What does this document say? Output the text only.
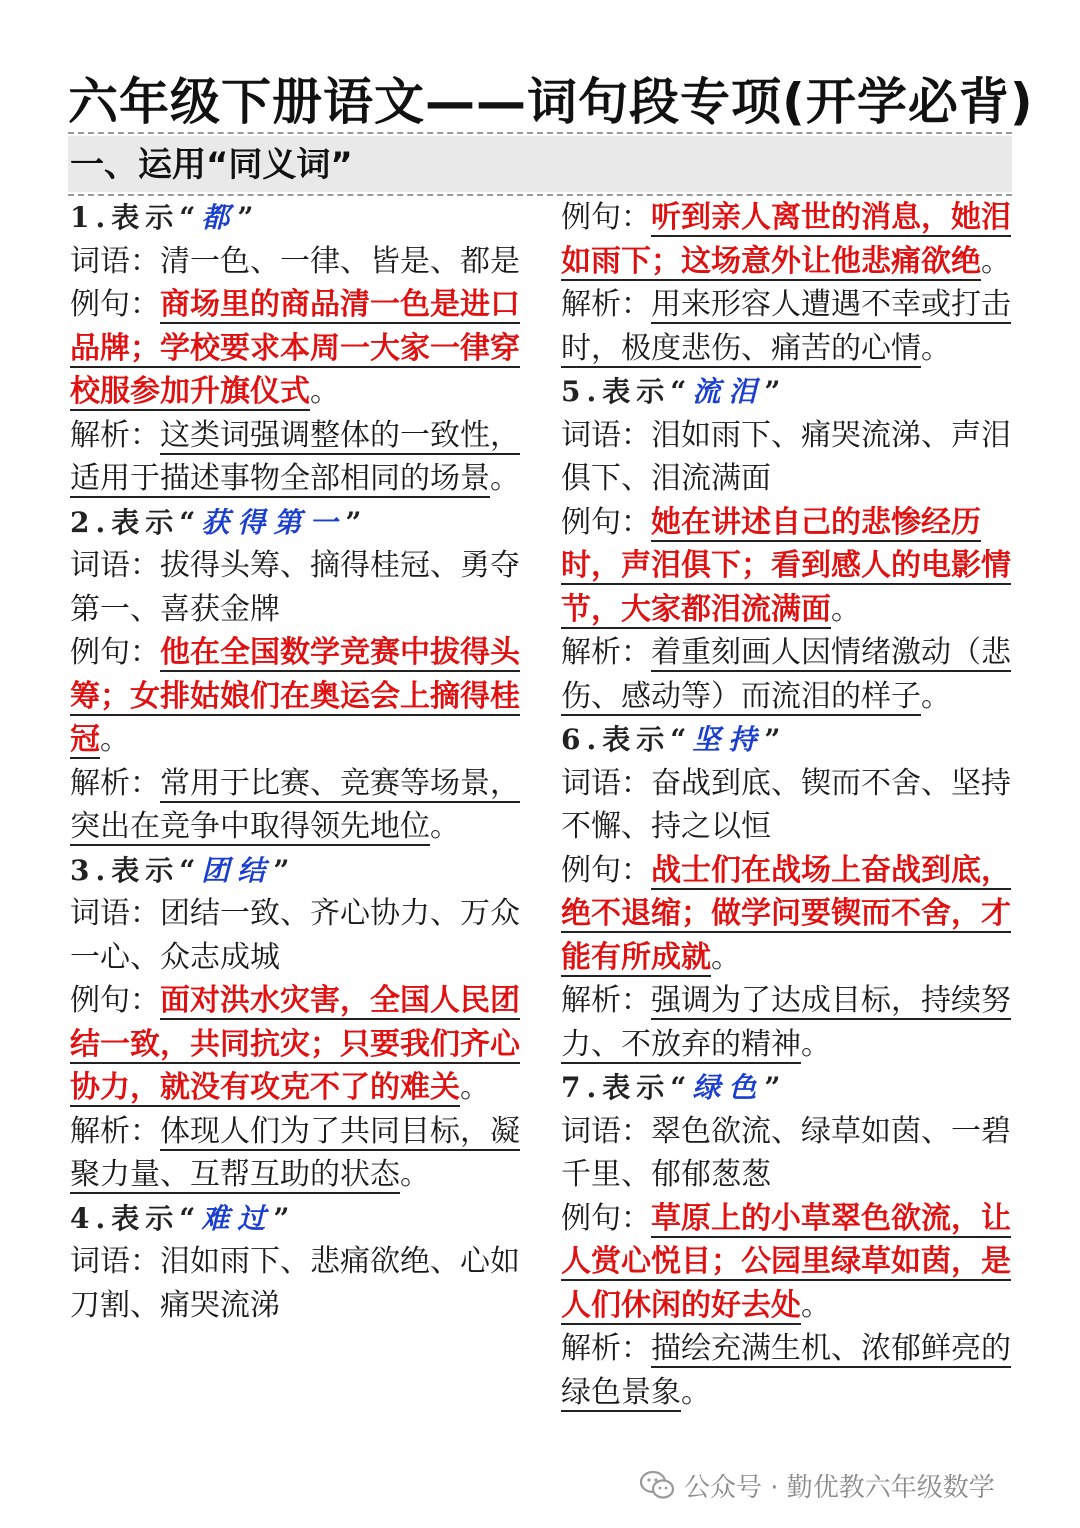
六年级下册语文——词句段专项(开学必背)
一、运用“同义词”
1.表示“都”

词语：清一色、一律、皆是、都是

例句：商场里的商品清一色是进口品牌；学校要求本周一大家一律穿校服参加升旗仪式。

解析：这类词强调整体的一致性，适用于描述事物全部相同的场景。

2.表示“获得第一”

词语：拔得头筹、摘得桂冠、勇夺第一、喜获金牌

例句：他在全国数学竞赛中拔得头筹；女排姑娘们在奥运会上摘得桂冠。

解析：常用于比赛、竞赛等场景，突出在竞争中取得领先地位。

3.表示“团结”

词语：团结一致、齐心协力、万众一心、众志成城

例句：面对洪水灾害，全国人民团结一致，共同抗灾；只要我们齐心协力，就没有攻克不了的难关。

解析：体现人们为了共同目标，凝聚力量、互帮互助的状态。

4.表示“难过”

词语：泪如雨下、悲痛欲绝、心如刀割、痛哭流涕

例句：听到亲人离世的消息，她泪如雨下；这场意外让他悲痛欲绝。解析：用来形容人遭遇不幸或打击时，极度悲伤、痛苦的心情。

5.表示“流泪”

词语：泪如雨下、痛哭流涕、声泪俱下、泪流满面

例句：她在讲述自己的悲惨经历时，声泪俱下；看到感人的电影情节，大家都泪流满面。

解析：着重刻画人因情绪激动（悲伤、感动等）而流泪的样子。

6.表示“坚持”

词语：奋战到底、锲而不舍、坚持不懈、持之以恒

例句：战士们在战场上奋战到底，绝不退缩；做学问要锲而不舍，才能有所成就。

解析：强调为了达成目标，持续努力、不放弃的精神。

7.表示“绿色”

词语：翠色欲流、绿草如茵、一碧千里、郁郁葱葱

例句：草原上的小草翠色欲流，让人赏心悦目；公园里绿草如茵，是人们休闲的好去处。

解析：描绘充满生机、浓郁鲜亮的绿色景象。

公众号 · 勤优教六年级数学
